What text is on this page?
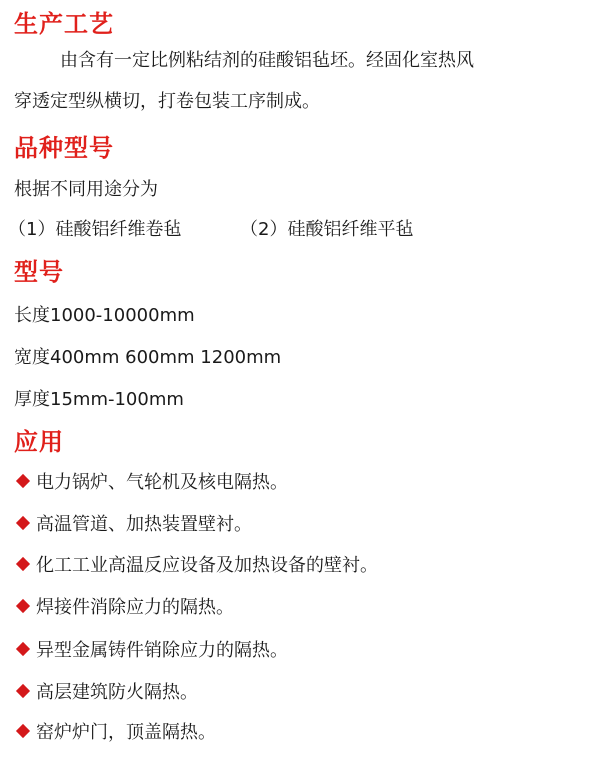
生产工艺
由含有一定比例粘结剂的硅酸铝毡坯。经固化室热风
穿透定型纵横切，打卷包装工序制成。
品种型号
根据不同用途分为
（1）硅酸铝纤维卷毡	（2）硅酸铝纤维平毡
型号
长度1000-10000mm
宽度400mm 600mm 1200mm
厚度15mm-100mm
应用
电力锅炉、气轮机及核电隔热。
高温管道、加热装置壁衬。
化工工业高温反应设备及加热设备的壁衬。
焊接件消除应力的隔热。
异型金属铸件销除应力的隔热。
高层建筑防火隔热。
窑炉炉门，顶盖隔热。
